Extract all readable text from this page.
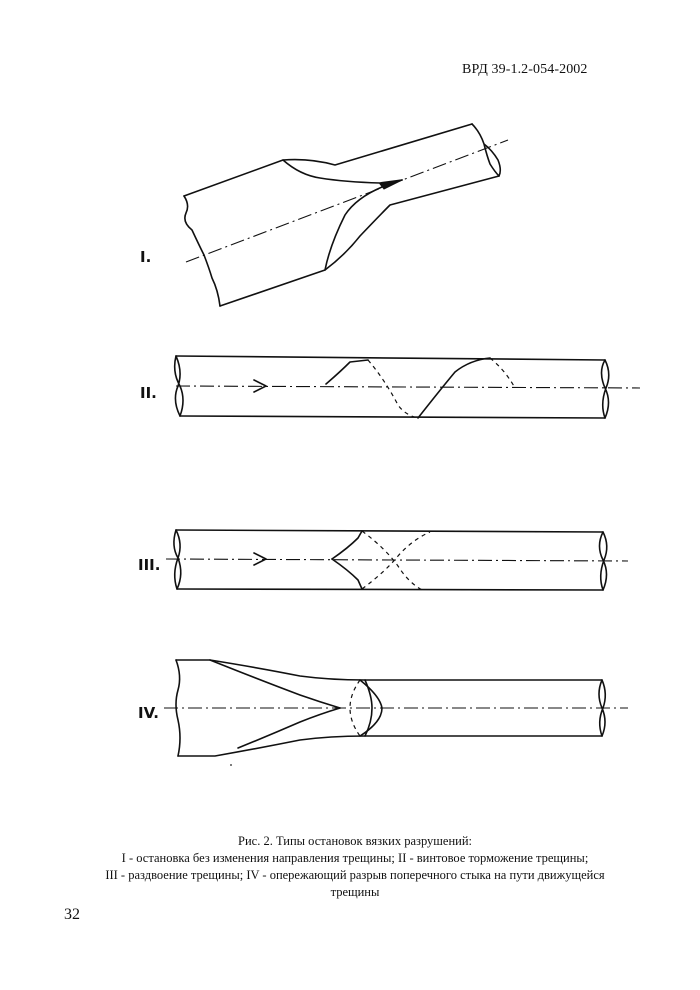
ВРД 39-1.2-054-2002
I.
II.
III.
IV.
Рис. 2. Типы остановок вязких разрушений:
I - остановка без изменения направления трещины; II - винтовое торможение трещины;
III - раздвоение трещины; IV - опережающий разрыв поперечного стыка на пути движущейся
трещины
32
